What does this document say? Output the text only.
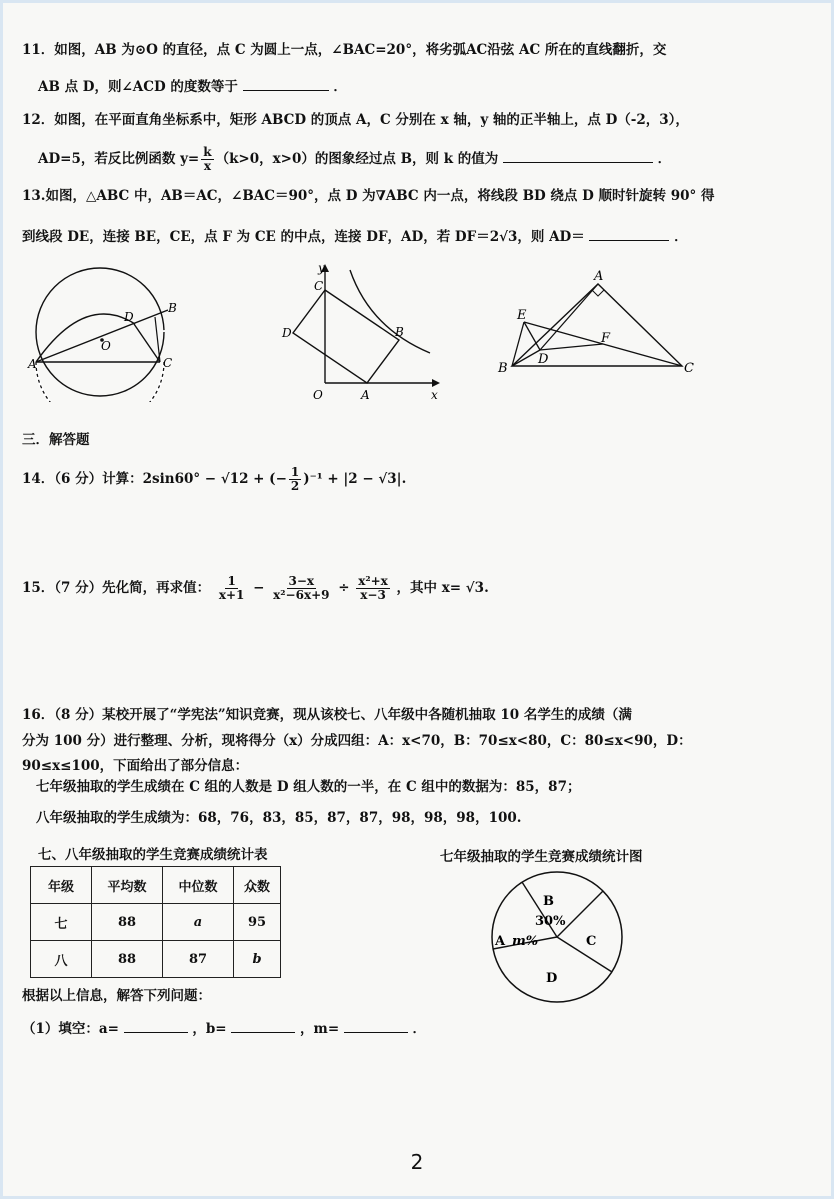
11．如图，AB 为⊙O 的直径，点 C 为圆上一点，∠BAC=20°，将劣弧AC沿弦 AC 所在的直线翻折，交
AB 点 D，则∠ACD 的度数等于	．
12．如图，在平面直角坐标系中，矩形 ABCD 的顶点 A，C 分别在 x 轴，y 轴的正半轴上，点 D（-2，3），
AD=5，若反比例函数 $y= \frac{k}{x} (k>0$，x>0）的图象经过点 B，则 k 的值为	．
13.如图，△ABC 中，AB＝AC，∠BAC＝90°，点 D 为∇ABC 内一点，将线段 BD 绕点 D 顺时针旋转 90° 得
到线段 DE，连接 BE，CE，点 F 为 CE 的中点，连接 DF，AD，若 DF＝2√3，则 AD＝	．
A
B
C
D
O
y
x
C
D	B
O	A
A
E
F
B
D
C
三．解答题
14．（6 分）计算：2sin60° − √12 + (− $\frac{1}{2} )^{-1} + |2 - √3|$.
15．（7 分）先化简，再求值： $\frac{1}{x+1} - \frac{3-x}{\text{x²−6x+9}} \div \frac{\text{x²+x}}{x-3}$ ，其中 x= √3.
16．（8 分）某校开展了“学宪法”知识竞赛，现从该校七、八年级中各随机抽取 10 名学生的成绩（满
分为 100 分）进行整理、分析，现将得分（x）分成四组：A：x<70，B：70≤x<80，C：80≤x<90，D：
90≤x≤100，下面给出了部分信息：
七年级抽取的学生成绩在 C 组的人数是 D 组人数的一半，在 C 组中的数据为：85，87；
八年级抽取的学生成绩为：68，76，83，85，87，87，98，98，98，100.
七、八年级抽取的学生竞赛成绩统计表	七年级抽取的学生竞赛成绩统计图
年级	平均数	中位数	众数
七	88	a	95
八	88	87	b
B
30%
A m%	C
D
根据以上信息，解答下列问题：
（1）填空：a=	，b=	，m=	．
2
